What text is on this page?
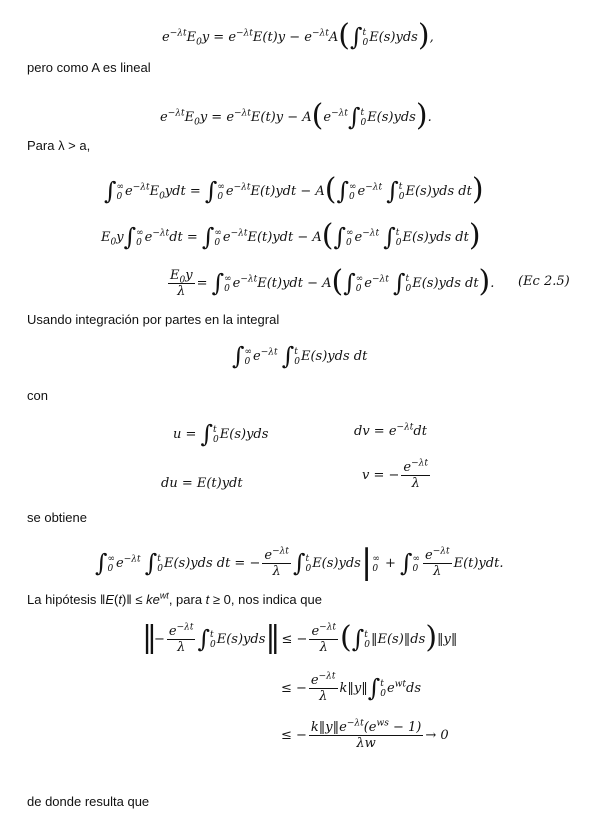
$e^{-\lambda t}E_0y = e^{-\lambda t}E(t)y - e^{-\lambda t}A(\int t$
0E(s)yds),
pero como A es lineal
$e^{-\lambda t}E_0y = e^{-\lambda t}E(t)y - A(e^{-\lambda t}\int t$
0E(s)yds).
Para λ > a,
∫∞
0 $e^{-\lambda t}E_0ydt$ = ∫∞
0 $e^{-\lambda t}E(t)ydt - A(\int\infty$
0 $e^{-\lambda t}$ ∫t
0E(s)yds dt)
$E_0y\int\infty$
0 $e^{-\lambda t}dt$ = ∫∞
0 $e^{-\lambda t}E(t)ydt - A(\int\infty$
0 $e^{-\lambda t}$ ∫t
0E(s)yds dt)
$\frac{E_0y}{\lambda}$ = ∫∞
0 $e^{-\lambda t}E(t)ydt - A(\int\infty$
0 $e^{-\lambda t}$ ∫t
0E(s)yds dt). (Ec 2.5)
Usando integración por partes en la integral
∫∞
0 $e^{-\lambda t}$ ∫t
0E(s)yds dt
con
u = ∫t
0E(s)yds	dv = $e^{-\lambda t}dt$
du = E(t)ydt
v = − $\frac{e^{-\lambda t}}{\lambda}$
se obtiene
∫∞
0 $e^{-\lambda t}$ ∫t
0E(s)yds dt = − $\frac{e^{-\lambda t}}{\lambda} \int t$
0E(s)yds|∞
0 + ∫∞
$0 \frac{e^{-\lambda t}}{\lambda} E(t)ydt$.
La hipótesis ‖E(t)‖ ≤ $ke^{wt}$, para t ≥ 0, nos indica que
‖− $\frac{e^{-\lambda t}}{\lambda} \int t$
0E(s)yds‖ ≤ − $\frac{e^{-\lambda t}}{\lambda} (\int t$
0‖E(s)‖ds)‖y‖
≤ − $\frac{e^{-\lambda t}}{\lambda}$ k‖y‖∫t
$0e^{wt}ds$
≤ − $\frac{k‖y‖e^{-\lambda t}(e^{ws} - 1)}{\lambda w} \to 0$
de donde resulta que
